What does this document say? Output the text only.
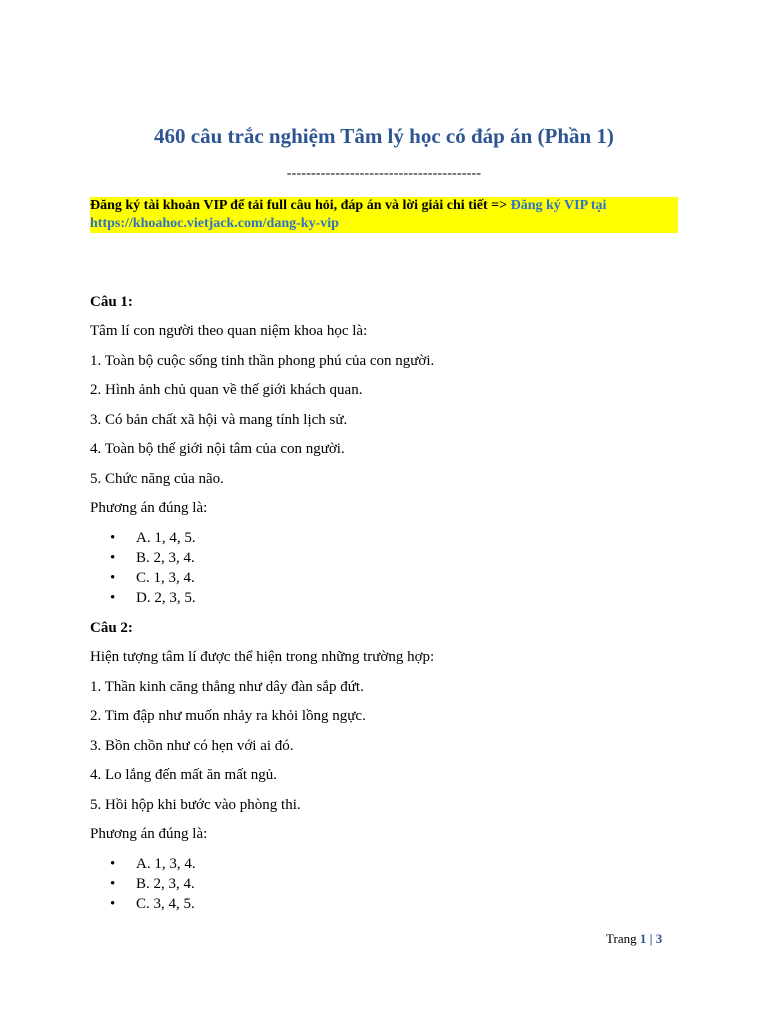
460 câu trắc nghiệm Tâm lý học có đáp án (Phần 1)
----------------------------------------
Đăng ký tài khoản VIP để tải full câu hỏi, đáp án và lời giải chi tiết => Đăng ký VIP tại
https://khoahoc.vietjack.com/dang-ky-vip
Câu 1:
Tâm lí con người theo quan niệm khoa học là:
1. Toàn bộ cuộc sống tinh thần phong phú của con người.
2. Hình ảnh chủ quan về thế giới khách quan.
3. Có bản chất xã hội và mang tính lịch sử.
4. Toàn bộ thế giới nội tâm của con người.
5. Chức năng của não.
Phương án đúng là:
• A. 1, 4, 5.
• B. 2, 3, 4.
• C. 1, 3, 4.
• D. 2, 3, 5.
Câu 2:
Hiện tượng tâm lí được thể hiện trong những trường hợp:
1. Thần kinh căng thẳng như dây đàn sắp đứt.
2. Tim đập như muốn nhảy ra khỏi lồng ngực.
3. Bồn chồn như có hẹn với ai đó.
4. Lo lắng đến mất ăn mất ngủ.
5. Hồi hộp khi bước vào phòng thi.
Phương án đúng là:
• A. 1, 3, 4.
• B. 2, 3, 4.
• C. 3, 4, 5.
Trang 1 | 3
